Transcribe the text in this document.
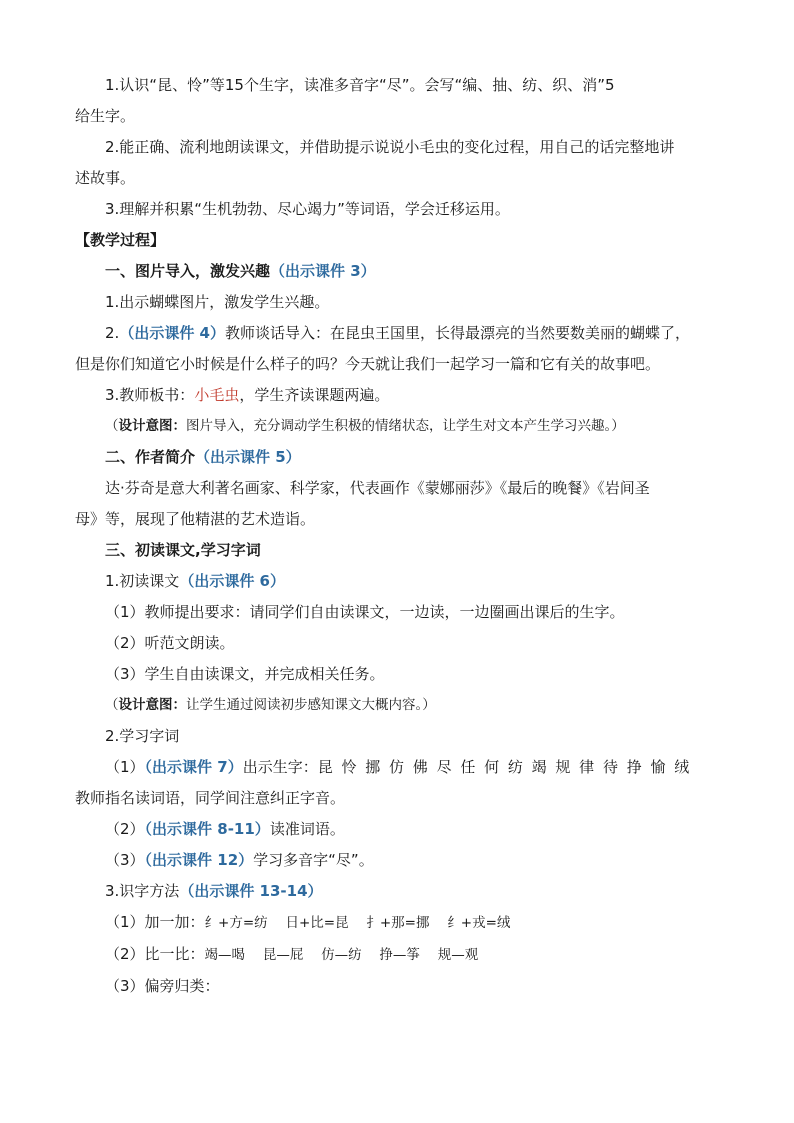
1.认识“昆、怜”等15个生字，读准多音字“尽”。会写“编、抽、纺、织、消”5
给生字。
2.能正确、流利地朗读课文，并借助提示说说小毛虫的变化过程，用自己的话完整地讲
述故事。
3.理解并积累“生机勃勃、尽心竭力”等词语，学会迁移运用。
【教学过程】
一、图片导入，激发兴趣（出示课件 3）
1.出示蝴蝶图片，激发学生兴趣。
2.（出示课件 4）教师谈话导入：在昆虫王国里，长得最漂亮的当然要数美丽的蝴蝶了，
但是你们知道它小时候是什么样子的吗？今天就让我们一起学习一篇和它有关的故事吧。
3.教师板书：小毛虫，学生齐读课题两遍。
（设计意图：图片导入，充分调动学生积极的情绪状态，让学生对文本产生学习兴趣。）
二、作者简介（出示课件 5）
达·芬奇是意大利著名画家、科学家，代表画作《蒙娜丽莎》《最后的晚餐》《岩间圣
母》等，展现了他精湛的艺术造诣。
三、初读课文,学习字词
1.初读课文（出示课件 6）
（1）教师提出要求：请同学们自由读课文，一边读，一边圈画出课后的生字。
（2）听范文朗读。
（3）学生自由读课文，并完成相关任务。
（设计意图：让学生通过阅读初步感知课文大概内容。）
2.学习字词
（1）（出示课件 7）出示生字：昆 怜 挪 仿 佛 尽 任 何 纺 竭 规 律 待 挣 愉 绒
教师指名读词语，同学间注意纠正字音。
（2）（出示课件 8-11）读准词语。
（3）（出示课件 12）学习多音字“尽”。
3.识字方法（出示课件 13-14）
（1）加一加：纟+方=纺　 日+比=昆　 扌+那=挪　 纟+戎=绒
（2）比一比：竭—喝　 昆—屁　 仿—纺　 挣—筝　 规—观
（3）偏旁归类：
